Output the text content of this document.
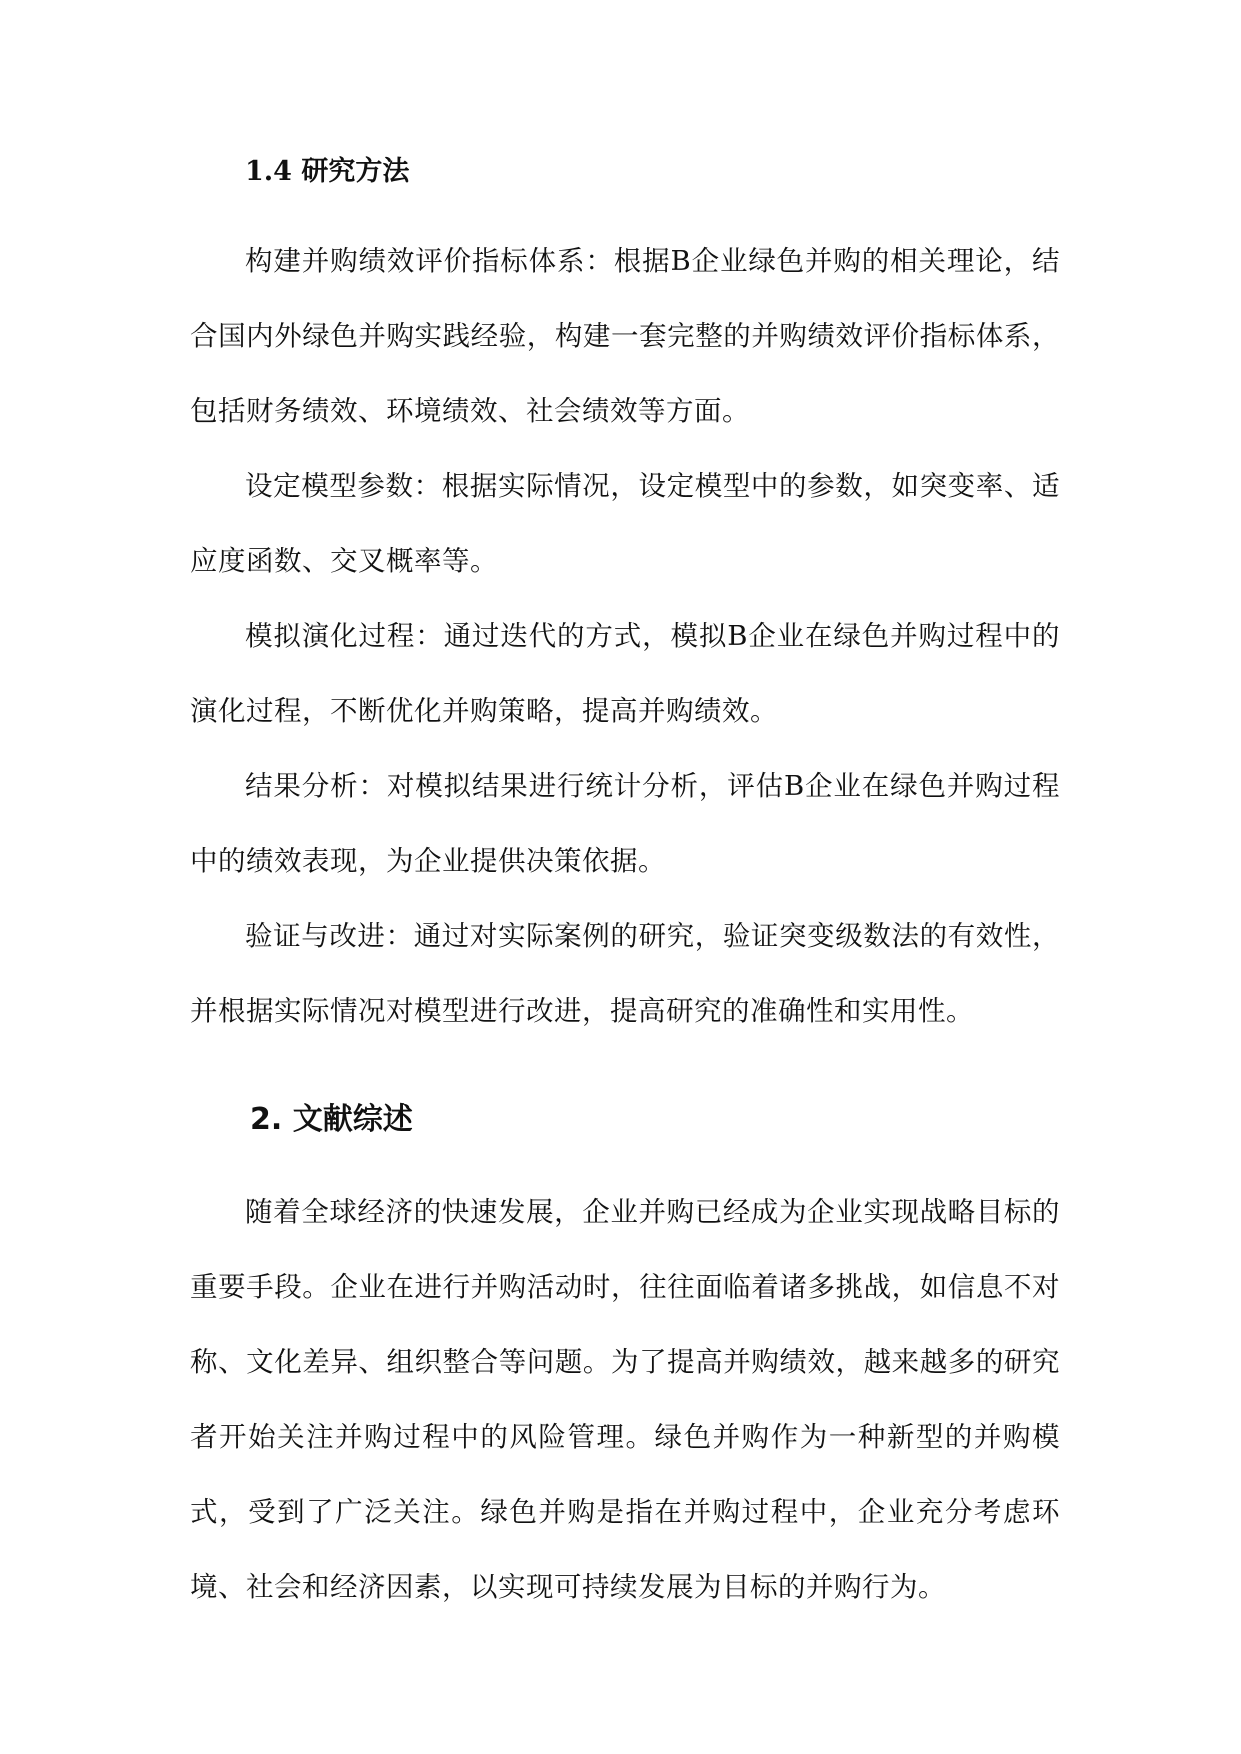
1.4 研究方法

构建并购绩效评价指标体系：根据B企业绿色并购的相关理论，结合国内外绿色并购实践经验，构建一套完整的并购绩效评价指标体系，包括财务绩效、环境绩效、社会绩效等方面。

设定模型参数：根据实际情况，设定模型中的参数，如突变率、适应度函数、交叉概率等。

模拟演化过程：通过迭代的方式，模拟B企业在绿色并购过程中的演化过程，不断优化并购策略，提高并购绩效。

结果分析：对模拟结果进行统计分析，评估B企业在绿色并购过程中的绩效表现，为企业提供决策依据。

验证与改进：通过对实际案例的研究，验证突变级数法的有效性，并根据实际情况对模型进行改进，提高研究的准确性和实用性。

2. 文献综述

随着全球经济的快速发展，企业并购已经成为企业实现战略目标的重要手段。企业在进行并购活动时，往往面临着诸多挑战，如信息不对称、文化差异、组织整合等问题。为了提高并购绩效，越来越多的研究者开始关注并购过程中的风险管理。绿色并购作为一种新型的并购模式，受到了广泛关注。绿色并购是指在并购过程中，企业充分考虑环境、社会和经济因素，以实现可持续发展为目标的并购行为。
